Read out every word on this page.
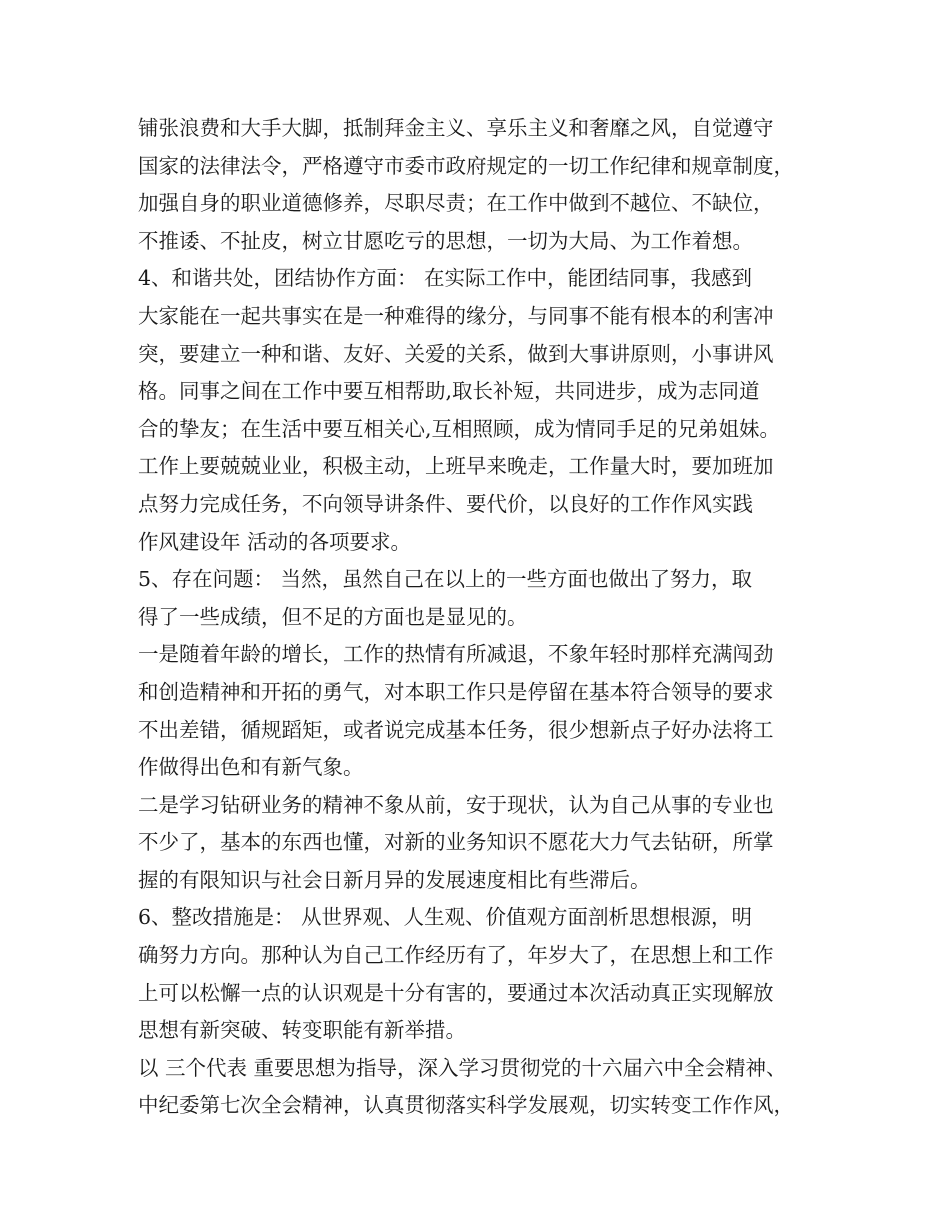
铺张浪费和大手大脚，抵制拜金主义、享乐主义和奢靡之风，自觉遵守
国家的法律法令，严格遵守市委市政府规定的一切工作纪律和规章制度，
加强自身的职业道德修养，尽职尽责；在工作中做到不越位、不缺位，
不推诿、不扯皮，树立甘愿吃亏的思想，一切为大局、为工作着想。
4、和谐共处，团结协作方面： 在实际工作中，能团结同事，我感到
大家能在一起共事实在是一种难得的缘分，与同事不能有根本的利害冲
突，要建立一种和谐、友好、关爱的关系，做到大事讲原则，小事讲风
格。同事之间在工作中要互相帮助,取长补短，共同进步，成为志同道
合的挚友；在生活中要互相关心,互相照顾，成为情同手足的兄弟姐妹。
工作上要兢兢业业，积极主动，上班早来晚走，工作量大时，要加班加
点努力完成任务，不向领导讲条件、要代价，以良好的工作作风实践
作风建设年 活动的各项要求。
5、存在问题： 当然，虽然自己在以上的一些方面也做出了努力，取
得了一些成绩，但不足的方面也是显见的。
一是随着年龄的增长，工作的热情有所减退，不象年轻时那样充满闯劲
和创造精神和开拓的勇气，对本职工作只是停留在基本符合领导的要求
不出差错，循规蹈矩，或者说完成基本任务，很少想新点子好办法将工
作做得出色和有新气象。
二是学习钻研业务的精神不象从前，安于现状，认为自己从事的专业也
不少了，基本的东西也懂，对新的业务知识不愿花大力气去钻研，所掌
握的有限知识与社会日新月异的发展速度相比有些滞后。
6、整改措施是： 从世界观、人生观、价值观方面剖析思想根源，明
确努力方向。那种认为自己工作经历有了，年岁大了，在思想上和工作
上可以松懈一点的认识观是十分有害的，要通过本次活动真正实现解放
思想有新突破、转变职能有新举措。
以 三个代表 重要思想为指导，深入学习贯彻党的十六届六中全会精神、
中纪委第七次全会精神，认真贯彻落实科学发展观，切实转变工作作风，
